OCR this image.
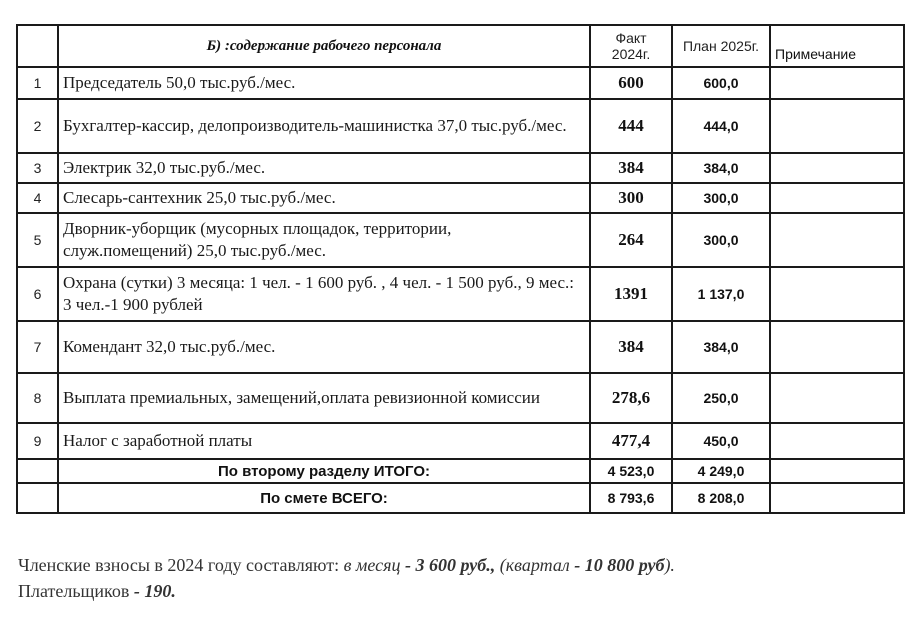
	Б) :содержание рабочего персонала	Факт 2024г.	План 2025г.	Примечание
1	Председатель 50,0 тыс.руб./мес.	600	600,0	
2	Бухгалтер-кассир, делопроизводитель-машинистка 37,0 тыс.руб./мес.	444	444,0	
3	Электрик 32,0 тыс.руб./мес.	384	384,0	
4	Слесарь-сантехник 25,0 тыс.руб./мес.	300	300,0	
5	Дворник-уборщик (мусорных площадок, территории, служ.помещений) 25,0 тыс.руб./мес.	264	300,0	
6	Охрана (сутки) 3 месяца: 1 чел. - 1 600 руб. , 4 чел. - 1 500 руб., 9 мес.: 3 чел.-1 900 рублей	1391	1 137,0	
7	Комендант 32,0 тыс.руб./мес.	384	384,0	
8	Выплата премиальных, замещений,оплата ревизионной комиссии	278,6	250,0	
9	Налог с заработной платы	477,4	450,0	
	По второму разделу ИТОГО:	4 523,0	4 249,0	
	По смете ВСЕГО:	8 793,6	8 208,0	
Членские взносы в 2024 году составляют: в месяц - 3 600 руб., (квартал - 10 800 руб).
Плательщиков - 190.
